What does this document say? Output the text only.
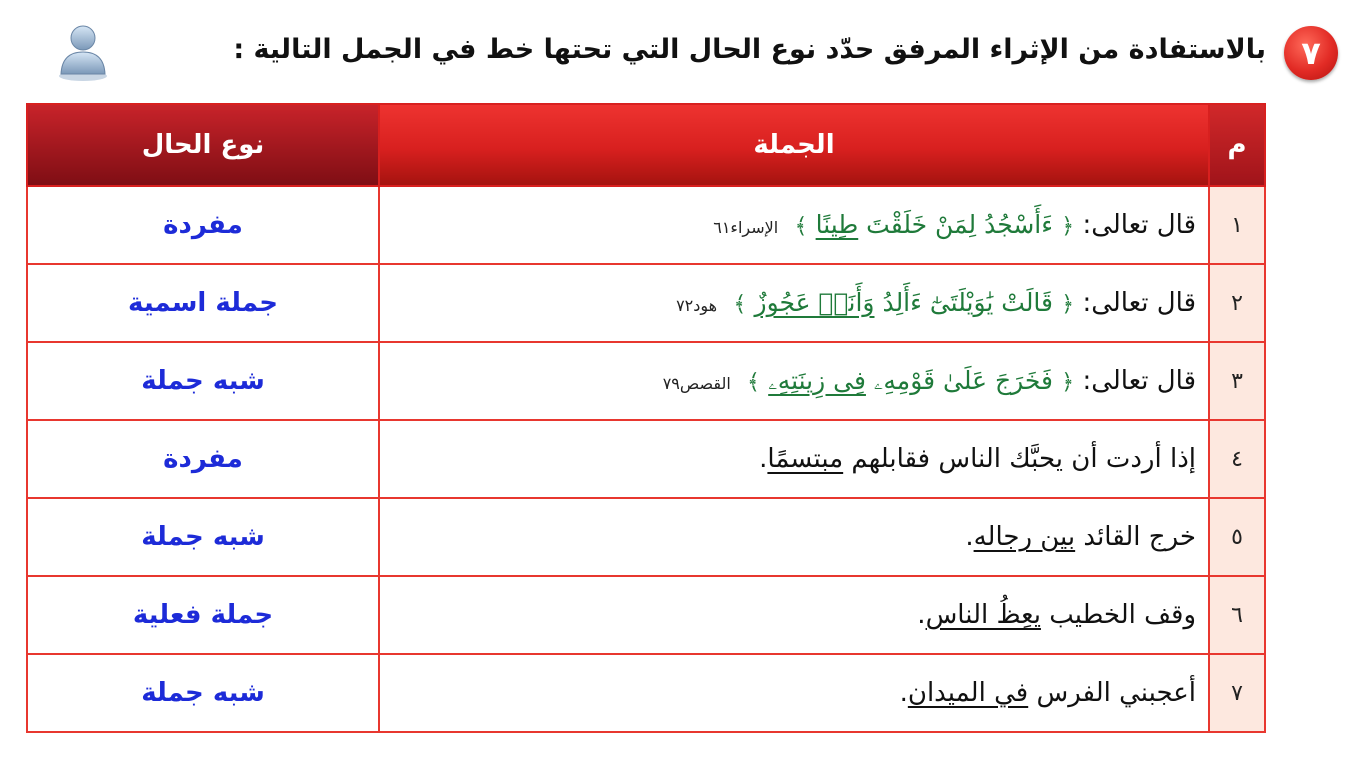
٧
بالاستفادة من الإثراء المرفق حدّد نوع الحال التي تحتها خط في الجمل التالية :
م	الجملة	نوع الحال
١	قال تعالى: ﴿ ءَأَسْجُدُ لِمَنْ خَلَقْتَ طِينًا ﴾ الإسراء٦١	مفردة
٢	قال تعالى: ﴿ قَالَتْ يَٰوَيْلَتَىٰٓ ءَأَلِدُ وَأَنَا۠ عَجُوزٌ ﴾ هود٧٢	جملة اسمية
٣	قال تعالى: ﴿ فَخَرَجَ عَلَىٰ قَوْمِهِۦ فِى زِينَتِهِۦ ﴾ القصص٧٩	شبه جملة
٤	إذا أردت أن يحبَّك الناس فقابلهم مبتسمًا.	مفردة
٥	خرج القائد بين رجاله.	شبه جملة
٦	وقف الخطيب يعِظُ الناس.	جملة فعلية
٧	أعجبني الفرس في الميدان.	شبه جملة
